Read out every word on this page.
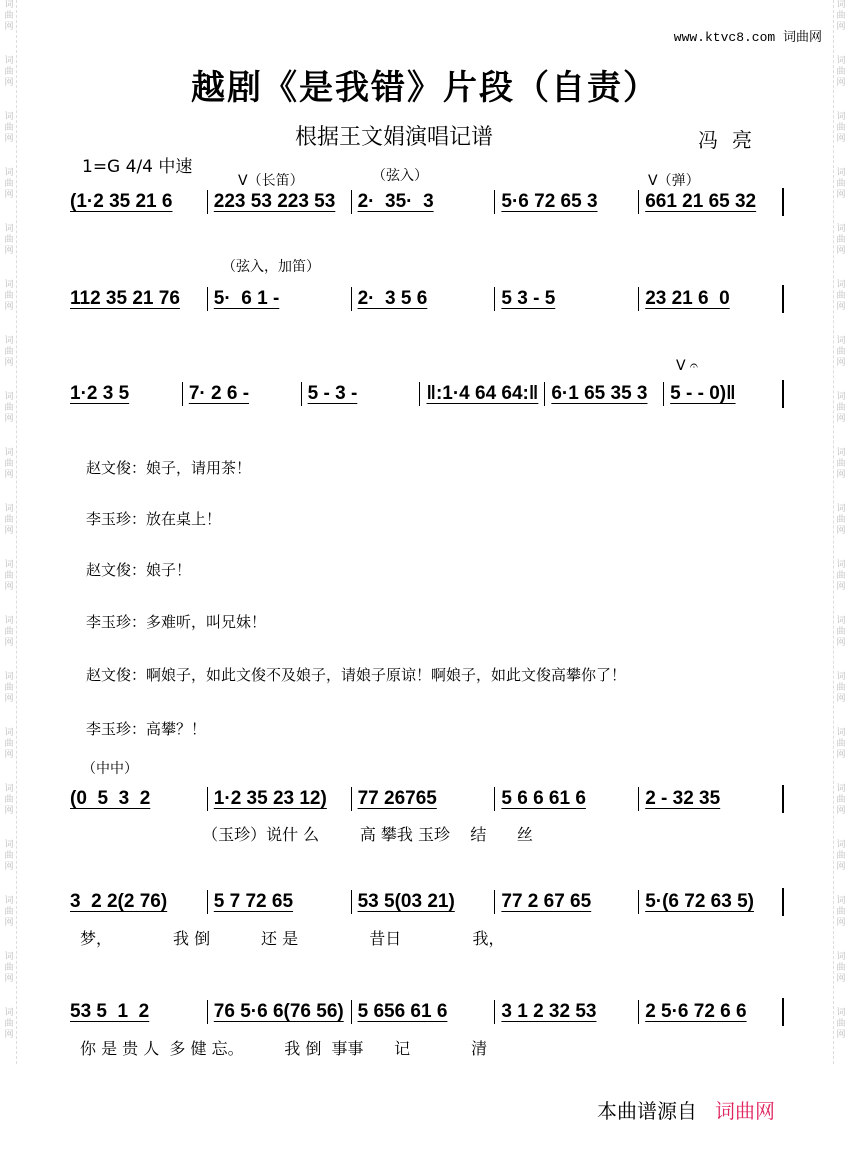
词曲网
词曲网
词曲网
词曲网
词曲网
词曲网
词曲网
词曲网
词曲网
词曲网
词曲网
词曲网
词曲网
词曲网
词曲网
词曲网
词曲网
词曲网
词曲网
词曲网
词曲网
词曲网
词曲网
词曲网
词曲网
词曲网
词曲网
词曲网
词曲网
词曲网
词曲网
词曲网
词曲网
词曲网
词曲网
词曲网
词曲网
词曲网
www.ktvc8.com 词曲网
越剧《是我错》片段（自责）
根据王文娟演唱记谱	冯亮
1=G 4/4 中速
V（长笛）	（弦入）	V（弹）
（弦入，加笛）
V 𝄐
（中中）
(1·2 35 21 6	223 53 223 53	2·  35·  3	5·6 72 65 3	661 21 65 32
112 35 21 76	5·  6 1 -	2·  3 5 6	5 3 - 5	23 21 6  0
1·2 3 5	7· 2 6 -	5 - 3 -	‖:1·4 64 64:‖ 6·1 65 35 3	5 - - 0)‖
赵文俊：娘子，请用茶！
李玉珍：放在桌上！
赵文俊：娘子！
李玉珍：多难听，叫兄妹！
赵文俊：啊娘子，如此文俊不及娘子，请娘子原谅！啊娘子，如此文俊高攀你了！
李玉珍：高攀？！
(0  5  3  2	1·2 35 23 12)	77 26765	5 6 6 61 6	2 - 32 35
（玉珍）说什 么        高 攀我 玉珍    结      丝
3  2 2(2 76)	5 7 72 65	53 5(03 21)	77 2 67 65	5·(6 72 63 5)
梦，            我 倒          还 是              昔日              我，
53 5  1  2	76 5·6 6(76 56) 5 656 61 6	3 1 2 32 53	2 5·6 72 6 6
你 是 贵 人  多 健 忘。        我 倒  事事      记            清
本曲谱源自 词曲网
